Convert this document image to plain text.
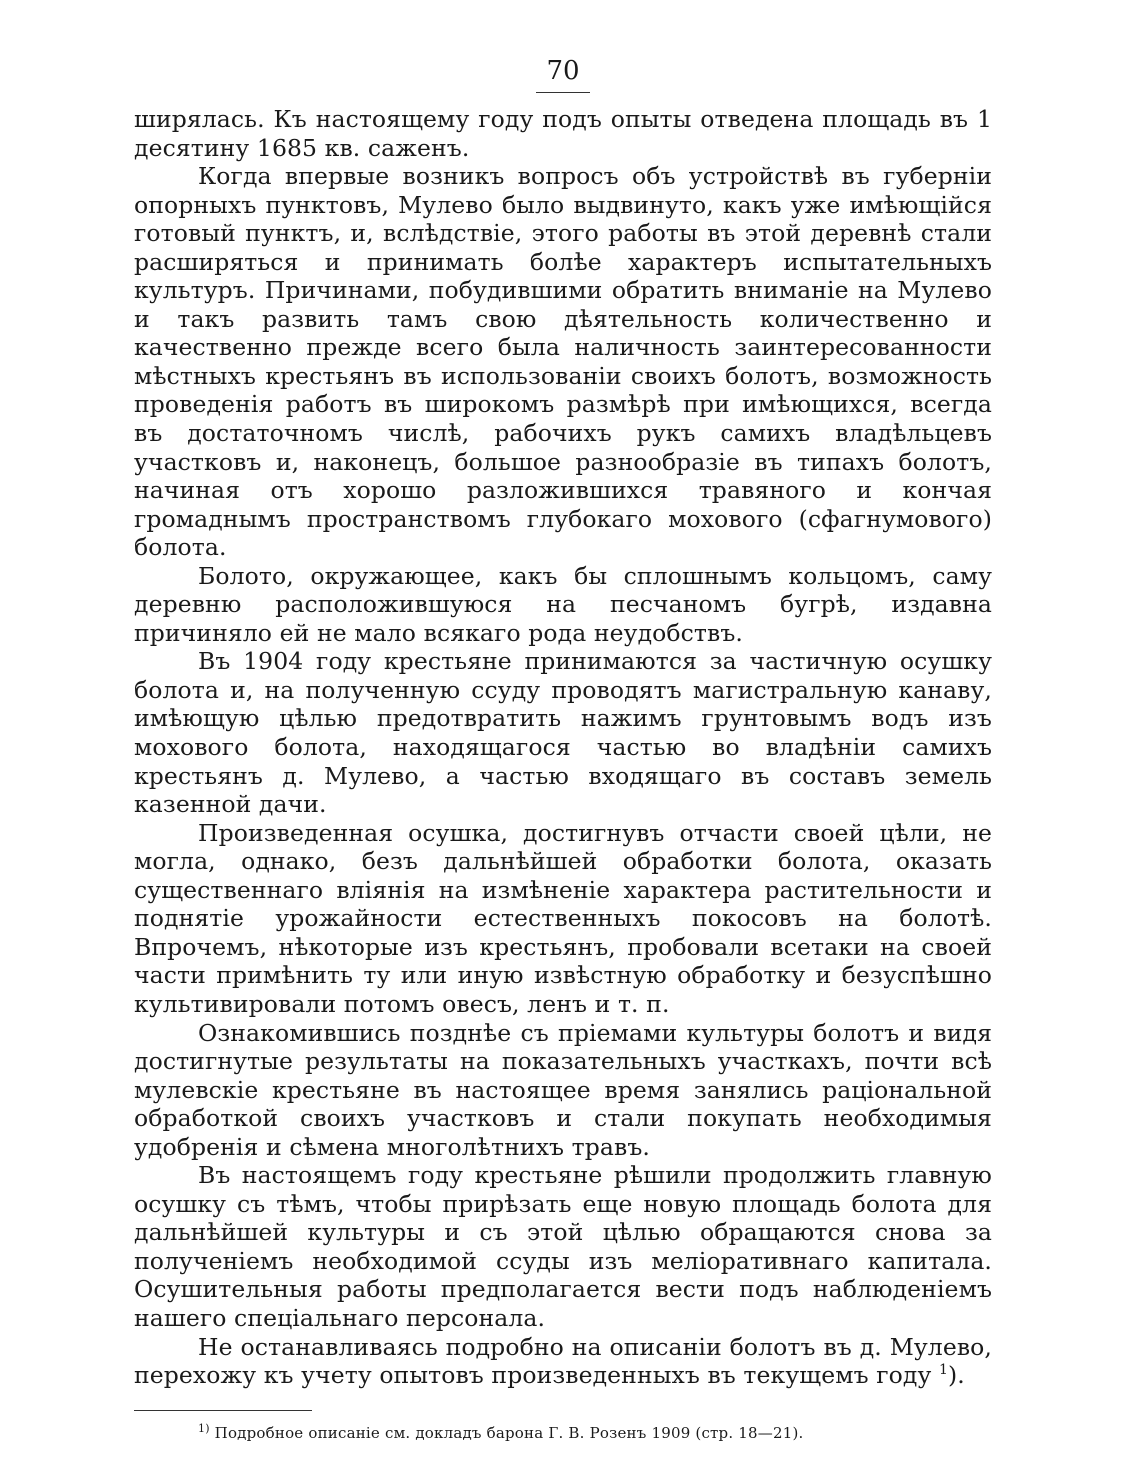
70

ширялась. Къ настоящему году подъ опыты отведена площадь въ 1 десятину 1685 кв. саженъ.

Когда впервые возникъ вопросъ объ устройствѣ въ губерніи опорныхъ пунктовъ, Мулево было выдвинуто, какъ уже имѣющійся готовый пунктъ, и, вслѣдствіе, этого работы въ этой деревнѣ стали расширяться и принимать болѣе характеръ испытательныхъ культуръ. Причинами, побудившими обратить вниманіе на Мулево и такъ развить тамъ свою дѣятельность количественно и качественно прежде всего была наличность заинтересованности мѣстныхъ крестьянъ въ использованіи своихъ болотъ, возможность проведенія работъ въ широкомъ размѣрѣ при имѣющихся, всегда въ достаточномъ числѣ, рабочихъ рукъ самихъ владѣльцевъ участковъ и, наконецъ, большое разнообразіе въ типахъ болотъ, начиная отъ хорошо разложившихся травяного и кончая громаднымъ пространствомъ глубокаго мохового (сфагнумового) болота.

Болото, окружающее, какъ бы сплошнымъ кольцомъ, саму деревню расположившуюся на песчаномъ бугрѣ, издавна причиняло ей не мало всякаго рода неудобствъ.

Въ 1904 году крестьяне принимаются за частичную осушку болота и, на полученную ссуду проводятъ магистральную канаву, имѣющую цѣлью предотвратить нажимъ грунтовымъ водъ изъ мохового болота, находящагося частью во владѣніи самихъ крестьянъ д. Мулево, а частью входящаго въ составъ земель казенной дачи.

Произведенная осушка, достигнувъ отчасти своей цѣли, не могла, однако, безъ дальнѣйшей обработки болота, оказать существеннаго вліянія на измѣненіе характера растительности и поднятіе урожайности естественныхъ покосовъ на болотѣ. Впрочемъ, нѣкоторые изъ крестьянъ, пробовали всетаки на своей части примѣнить ту или иную извѣстную обработку и безуспѣшно культивировали потомъ овесъ, ленъ и т. п.

Ознакомившись позднѣе съ пріемами культуры болотъ и видя достигнутые результаты на показательныхъ участкахъ, почти всѣ мулевскіе крестьяне въ настоящее время занялись раціональной обработкой своихъ участковъ и стали покупать необходимыя удобренія и сѣмена многолѣтнихъ травъ.

Въ настоящемъ году крестьяне рѣшили продолжить главную осушку съ тѣмъ, чтобы прирѣзать еще новую площадь болота для дальнѣйшей культуры и съ этой цѣлью обращаются снова за полученіемъ необходимой ссуды изъ меліоративнаго капитала. Осушительныя работы предполагается вести подъ наблюденіемъ нашего спеціальнаго персонала.

Не останавливаясь подробно на описаніи болотъ въ д. Мулево, перехожу къ учету опытовъ произведенныхъ въ текущемъ году $^1$).

$^{1)}$ Подробное описаніе см. докладъ барона Г. В. Розенъ 1909 (стр. 18—21).
